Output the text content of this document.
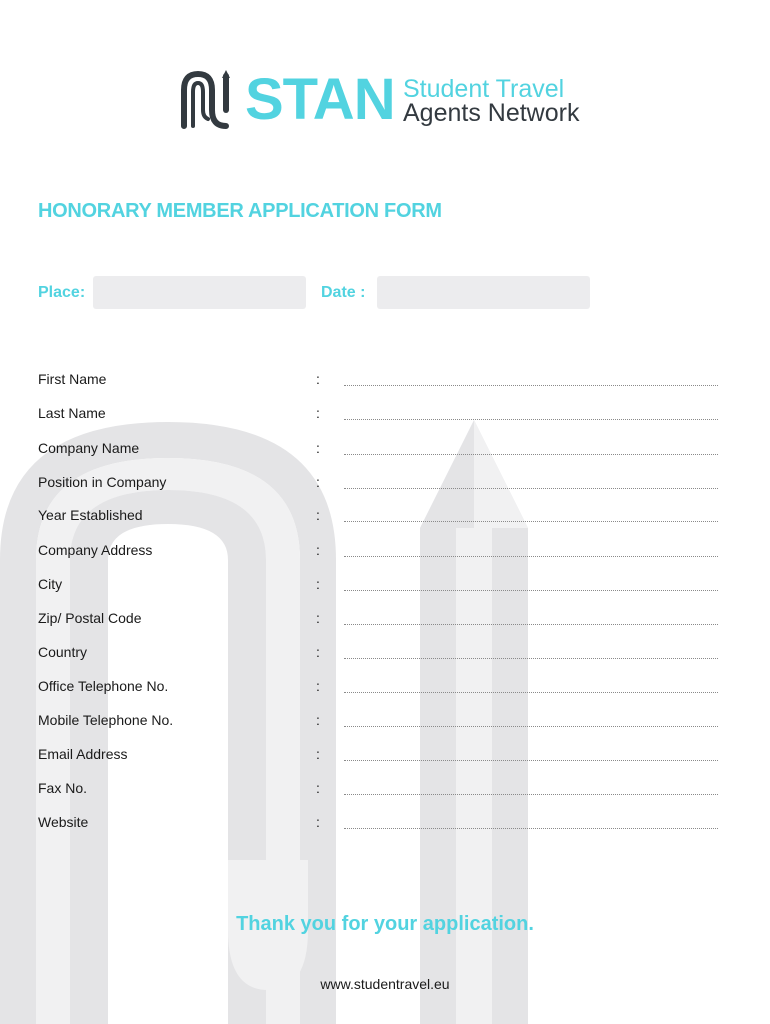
STAN Student Travel
Agents Network
HONORARY MEMBER APPLICATION FORM
Place:	Date :
First Name	:
Last Name	:
Company Name	:
Position in Company	:
Year Established	:
Company Address	:
City	:
Zip/ Postal Code	:
Country	:
Office Telephone No.	:
Mobile Telephone No.	:
Email Address	:
Fax No.	:
Website	:
Thank you for your application.
www.studentravel.eu
